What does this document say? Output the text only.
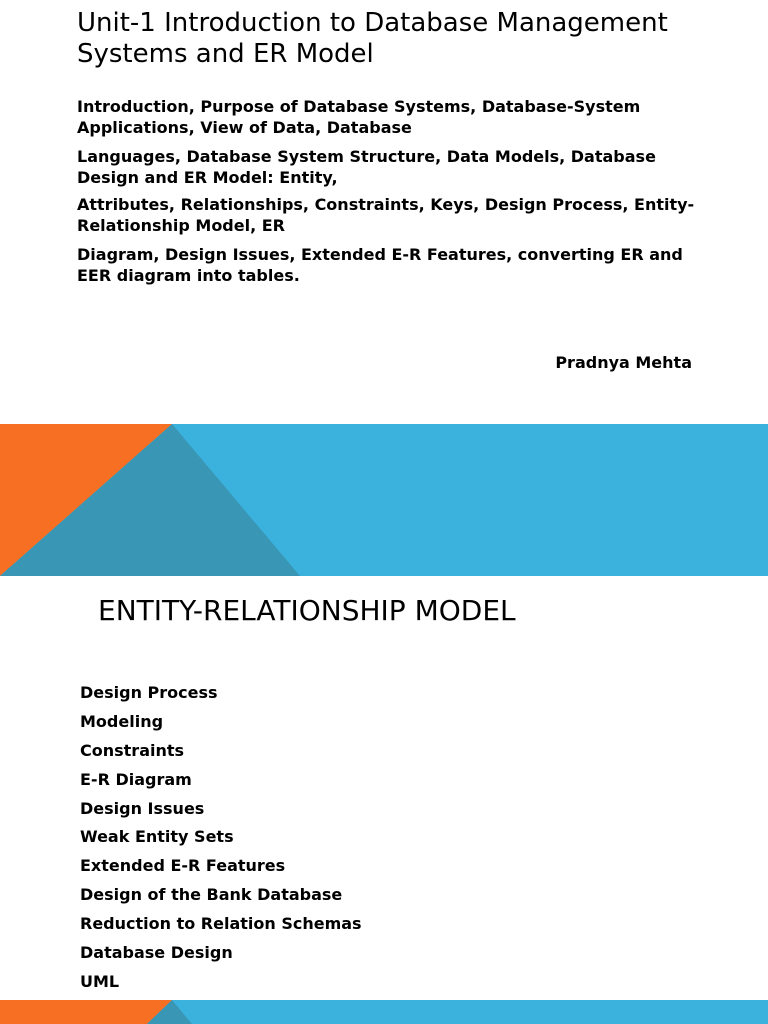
Unit-1 Introduction to Database Management Systems and ER Model

Introduction, Purpose of Database Systems, Database-System Applications, View of Data, Database

Languages, Database System Structure, Data Models, Database Design and ER Model: Entity,

Attributes, Relationships, Constraints, Keys, Design Process, Entity-Relationship Model, ER

Diagram, Design Issues, Extended E-R Features, converting ER and EER diagram into tables.

Pradnya Mehta

ENTITY-RELATIONSHIP MODEL
Design Process
Modeling
Constraints
E-R Diagram
Design Issues
Weak Entity Sets
Extended E-R Features
Design of the Bank Database
Reduction to Relation Schemas
Database Design
UML
